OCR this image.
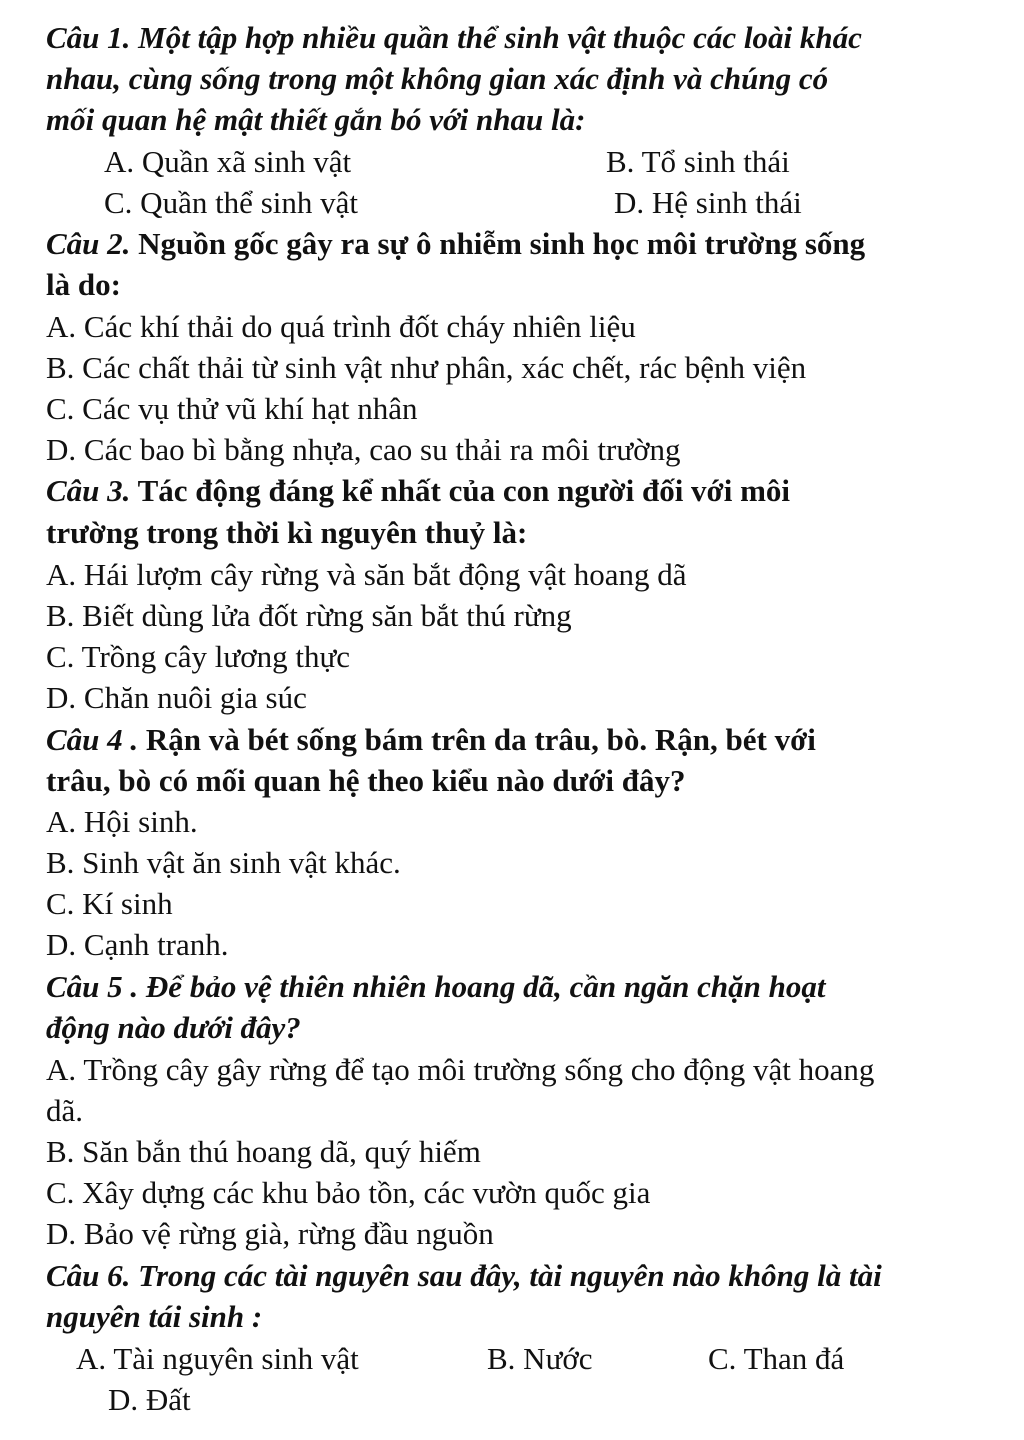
Câu 1. Một tập hợp nhiều quần thể sinh vật thuộc các loài khác
nhau, cùng sống trong một không gian xác định và chúng có
mối quan hệ mật thiết gắn bó với nhau là:
A. Quần xã sinh vật	B. Tổ sinh thái
C. Quần thể sinh vật	D. Hệ sinh thái
Câu 2. Nguồn gốc gây ra sự ô nhiễm sinh học môi trường sống
là do:
A. Các khí thải do quá trình đốt cháy nhiên liệu
B. Các chất thải từ sinh vật như phân, xác chết, rác bệnh viện
C. Các vụ thử vũ khí hạt nhân
D. Các bao bì bằng nhựa, cao su thải ra môi trường
Câu 3. Tác động đáng kể nhất của con người đối với môi
trường trong thời kì nguyên thuỷ là:
A. Hái lượm cây rừng và săn bắt động vật hoang dã
B. Biết dùng lửa đốt rừng săn bắt thú rừng
C. Trồng cây lương thực
D. Chăn nuôi gia súc
Câu 4 . Rận và bét sống bám trên da trâu, bò. Rận, bét với
trâu, bò có mối quan hệ theo kiểu nào dưới đây?
A. Hội sinh.
B. Sinh vật ăn sinh vật khác.
C. Kí sinh
D. Cạnh tranh.
Câu 5 . Để bảo vệ thiên nhiên hoang dã, cần ngăn chặn hoạt
động nào dưới đây?
A. Trồng cây gây rừng để tạo môi trường sống cho động vật hoang
dã.
B. Săn bắn thú hoang dã, quý hiếm
C. Xây dựng các khu bảo tồn, các vườn quốc gia
D. Bảo vệ rừng già, rừng đầu nguồn
Câu 6. Trong các tài nguyên sau đây, tài nguyên nào không là tài
nguyên tái sinh :
A. Tài nguyên sinh vật	B. Nước	C. Than đá
D. Đất
